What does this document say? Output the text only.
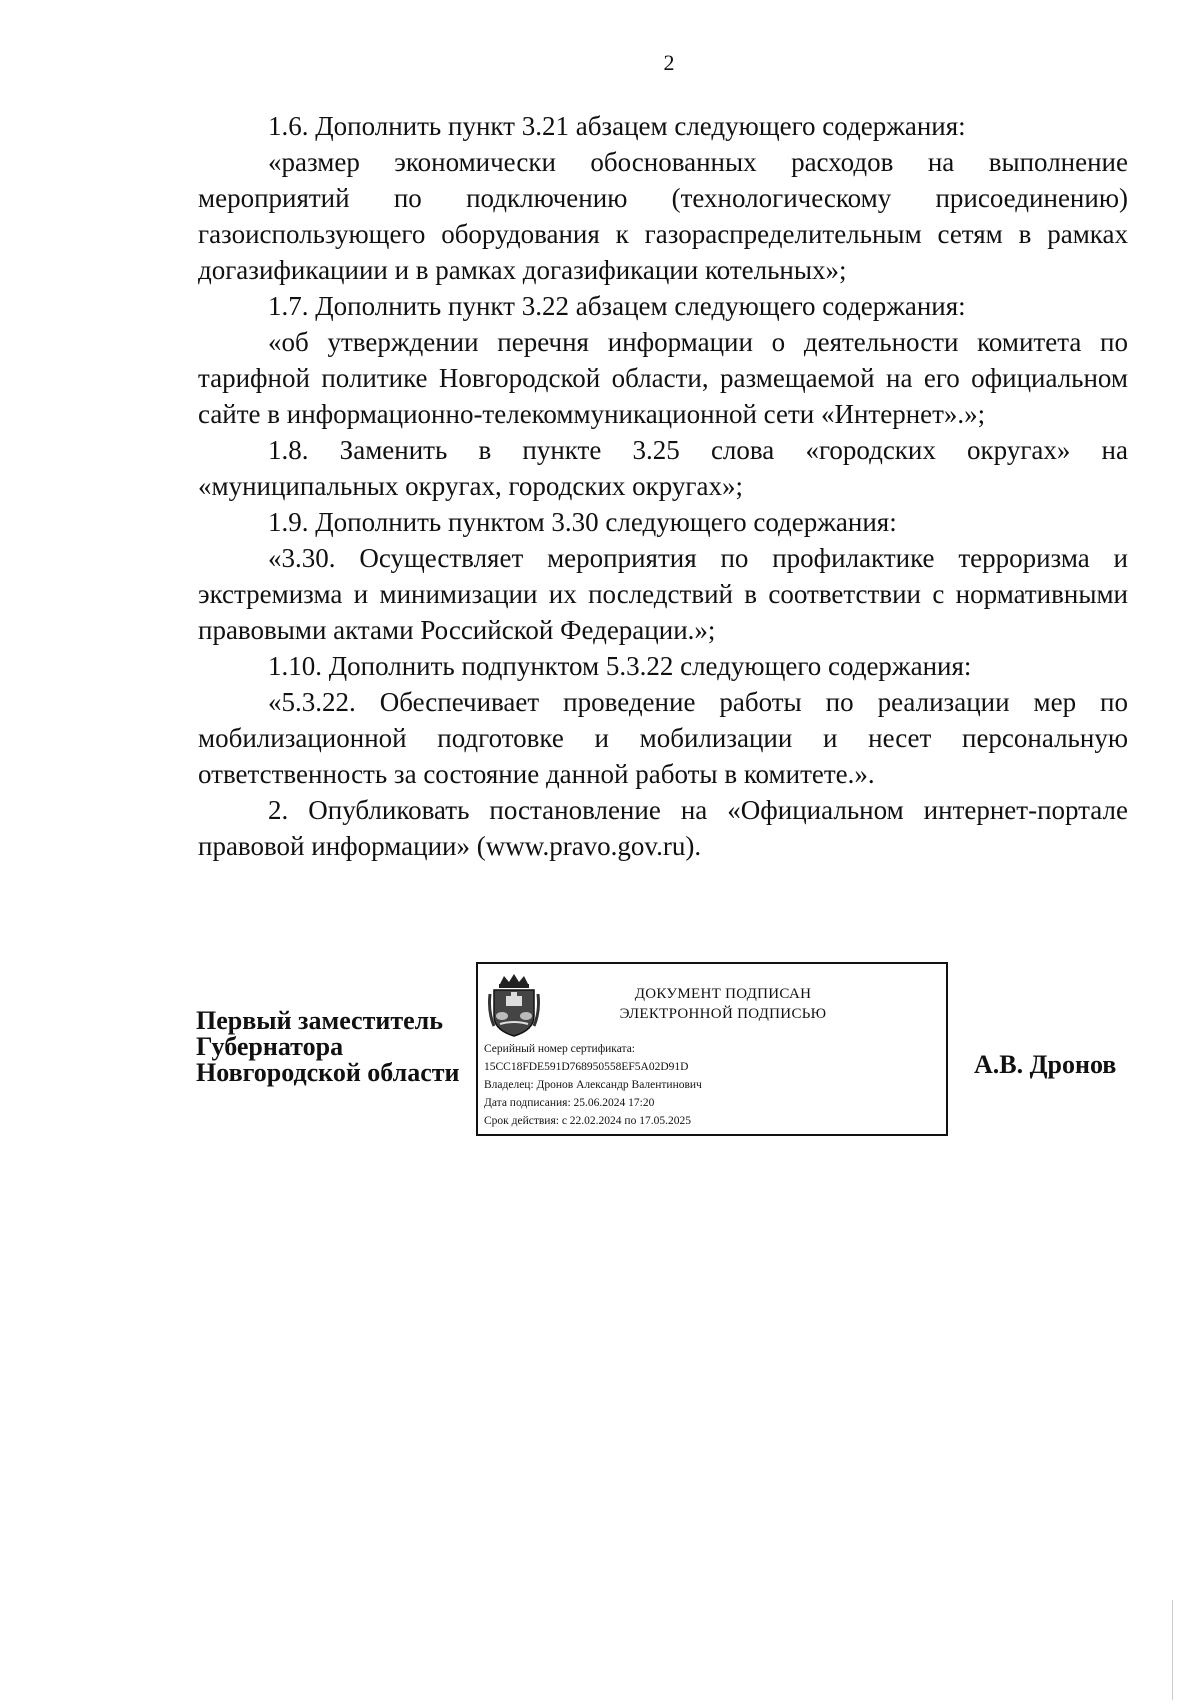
2

1.6. Дополнить пункт 3.21 абзацем следующего содержания:

«размер экономически обоснованных расходов на выполнение мероприятий по подключению (технологическому присоединению) газоиспользующего оборудования к газораспределительным сетям в рамках догазификациии и в рамках догазификации котельных»;

1.7. Дополнить пункт 3.22 абзацем следующего содержания:

«об утверждении перечня информации о деятельности комитета по тарифной политике Новгородской области, размещаемой на его официальном сайте в информационно-телекоммуникационной сети «Интернет».»;

1.8. Заменить в пункте 3.25 слова «городских округах» на «муниципальных округах, городских округах»;

1.9. Дополнить пунктом 3.30 следующего содержания:

«3.30. Осуществляет мероприятия по профилактике терроризма и экстремизма и минимизации их последствий в соответствии с нормативными правовыми актами Российской Федерации.»;

1.10. Дополнить подпунктом 5.3.22 следующего содержания:

«5.3.22. Обеспечивает проведение работы по реализации мер по мобилизационной подготовке и мобилизации и несет персональную ответственность за состояние данной работы в комитете.».

2. Опубликовать постановление на «Официальном интернет-портале правовой информации» (www.pravo.gov.ru).

Первый заместитель
Губернатора
Новгородской области
ДОКУМЕНТ ПОДПИСАН
ЭЛЕКТРОННОЙ ПОДПИСЬЮ
Серийный номер сертификата:
15CC18FDE591D768950558EF5A02D91D
Владелец: Дронов Александр Валентинович
Дата подписания: 25.06.2024 17:20
Срок действия: с 22.02.2024 по 17.05.2025
А.В. Дронов
